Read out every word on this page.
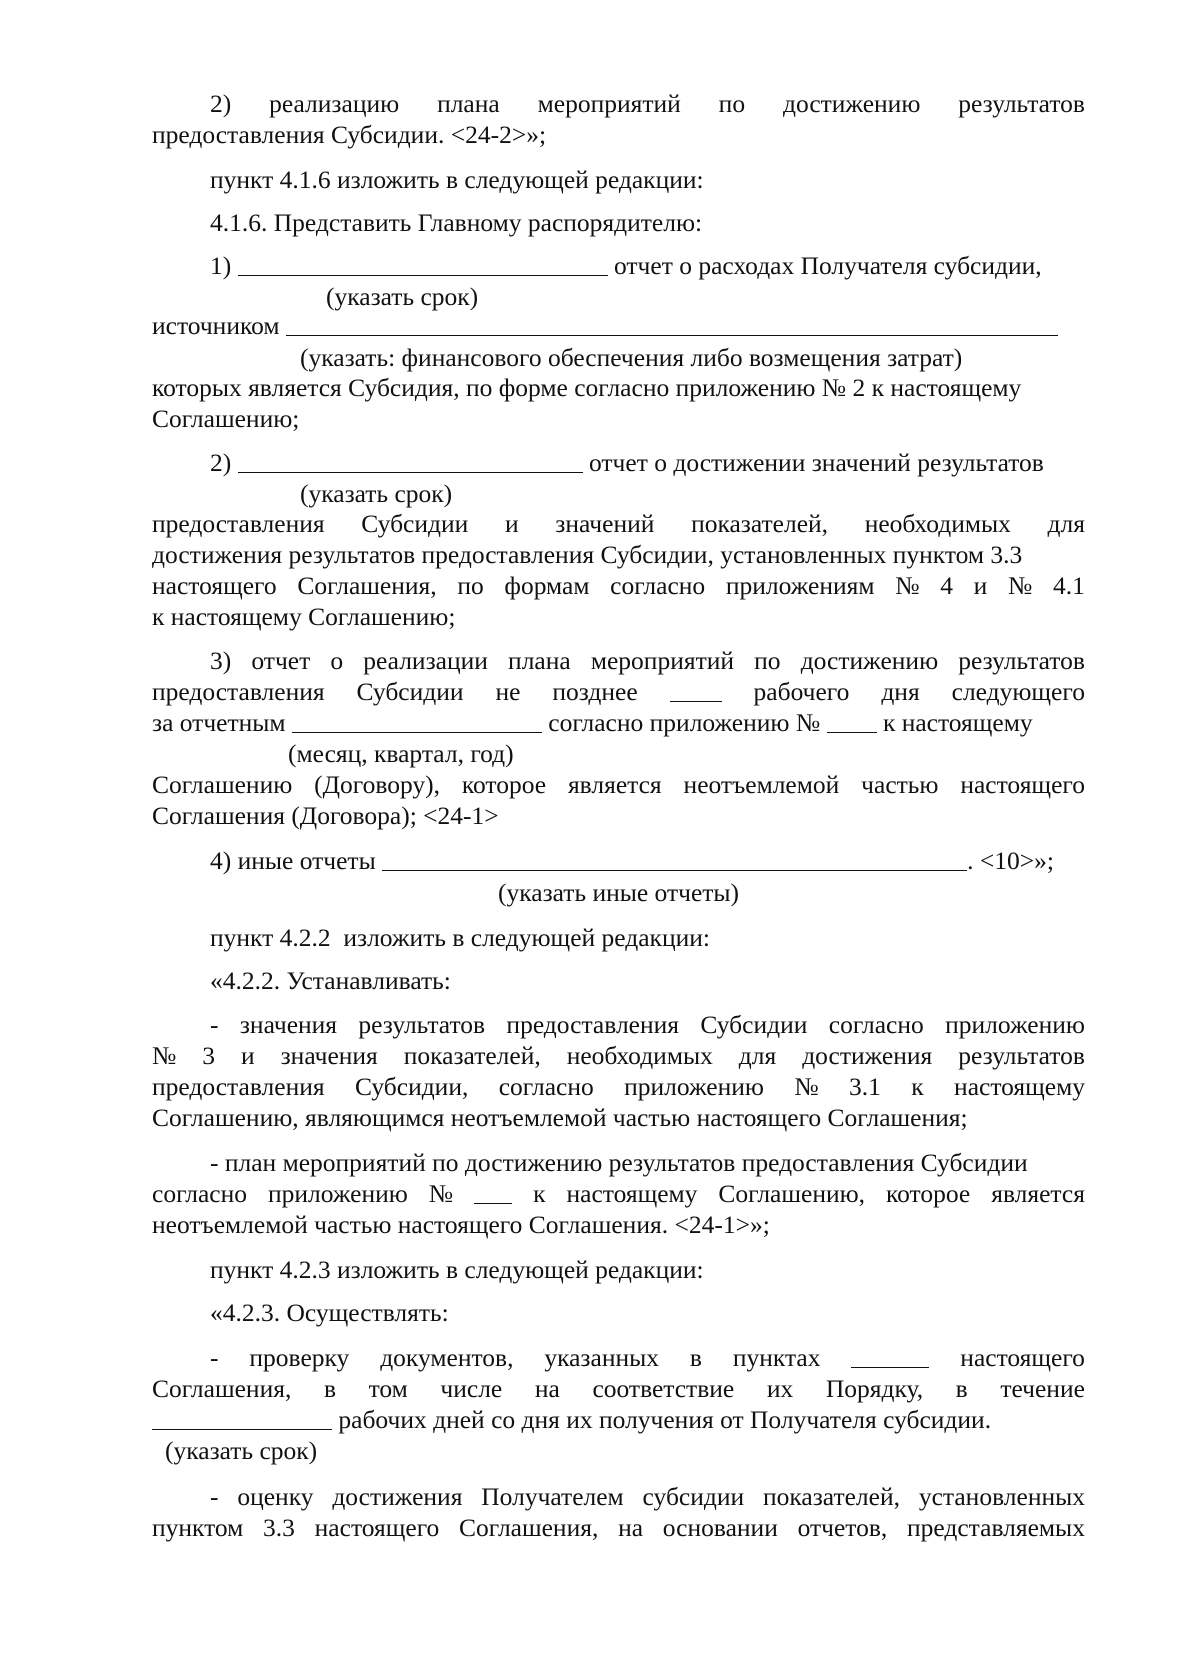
2) реализацию плана мероприятий по достижению результатов
предоставления Субсидии. <24-2>»;
пункт 4.1.6 изложить в следующей редакции:
4.1.6. Представить Главному распорядителю:
1)	отчет о расходах Получателя субсидии,
(указать срок)
источником
(указать: финансового обеспечения либо возмещения затрат)
которых является Субсидия, по форме согласно приложению № 2 к настоящему
Соглашению;
2)	отчет о достижении значений результатов
(указать срок)
предоставления Субсидии и значений показателей, необходимых для
достижения результатов предоставления Субсидии, установленных пунктом 3.3
настоящего Соглашения, по формам согласно приложениям № 4 и № 4.1
к настоящему Соглашению;
3) отчет о реализации плана мероприятий по достижению результатов
предоставления Субсидии не позднее	рабочего дня следующего
за отчетным	согласно приложению № к настоящему
(месяц, квартал, год)
Соглашению (Договору), которое является неотъемлемой частью настоящего
Соглашения (Договора); <24-1>
4) иные отчеты	. <10>»;
(указать иные отчеты)
пункт 4.2.2  изложить в следующей редакции:
«4.2.2. Устанавливать:
- значения результатов предоставления Субсидии согласно приложению
№ 3 и значения показателей, необходимых для достижения результатов
предоставления Субсидии, согласно приложению № 3.1 к настоящему
Соглашению, являющимся неотъемлемой частью настоящего Соглашения;
- план мероприятий по достижению результатов предоставления Субсидии
согласно приложению №	к настоящему Соглашению, которое является
неотъемлемой частью настоящего Соглашения. <24-1>»;
пункт 4.2.3 изложить в следующей редакции:
«4.2.3. Осуществлять:
- проверку документов, указанных в пунктах	настоящего
Соглашения, в том числе на соответствие их Порядку, в течение
рабочих дней со дня их получения от Получателя субсидии.
(указать срок)
- оценку достижения Получателем субсидии показателей, установленных
пунктом 3.3 настоящего Соглашения, на основании отчетов, представляемых
